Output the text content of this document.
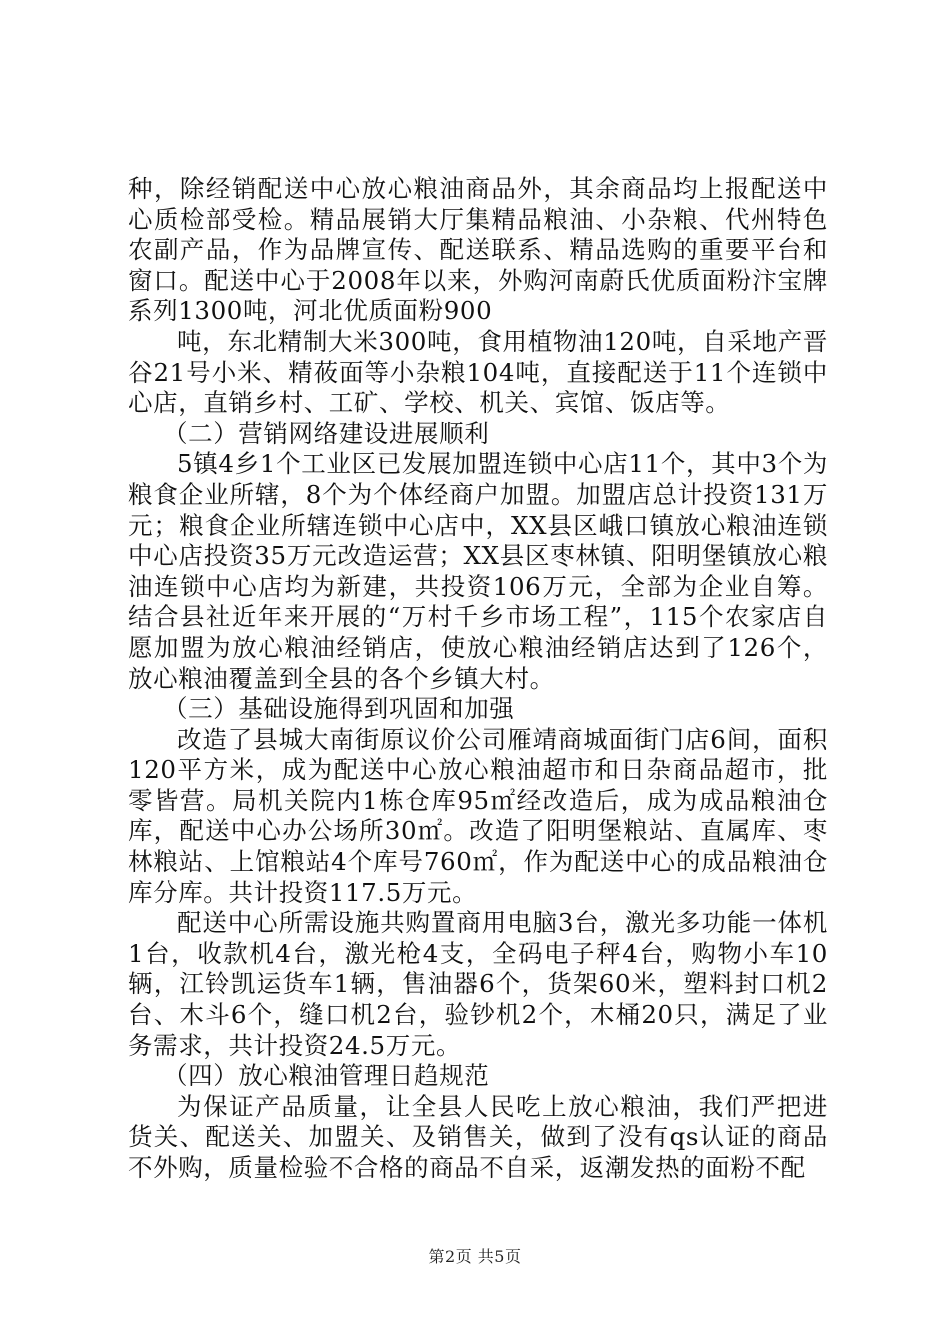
种，除经销配送中心放心粮油商品外，其余商品均上报配送中心质检部受检。精品展销大厅集精品粮油、小杂粮、代州特色农副产品，作为品牌宣传、配送联系、精品选购的重要平台和窗口。配送中心于2008年以来，外购河南蔚氏优质面粉汴宝牌系列1300吨，河北优质面粉900

吨，东北精制大米300吨，食用植物油120吨，自采地产晋谷21号小米、精莜面等小杂粮104吨，直接配送于11个连锁中心店，直销乡村、工矿、学校、机关、宾馆、饭店等。

（二）营销网络建设进展顺利

5镇4乡1个工业区已发展加盟连锁中心店11个，其中3个为粮食企业所辖，8个为个体经商户加盟。加盟店总计投资131万元；粮食企业所辖连锁中心店中，XX县区峨口镇放心粮油连锁中心店投资35万元改造运营；XX县区枣林镇、阳明堡镇放心粮油连锁中心店均为新建，共投资106万元，全部为企业自筹。结合县社近年来开展的“万村千乡市场工程”，115个农家店自愿加盟为放心粮油经销店，使放心粮油经销店达到了126个，放心粮油覆盖到全县的各个乡镇大村。

（三）基础设施得到巩固和加强

改造了县城大南街原议价公司雁靖商城面街门店6间，面积120平方米，成为配送中心放心粮油超市和日杂商品超市，批零皆营。局机关院内1栋仓库95㎡经改造后，成为成品粮油仓库，配送中心办公场所30㎡。改造了阳明堡粮站、直属库、枣林粮站、上馆粮站4个库号760㎡，作为配送中心的成品粮油仓库分库。共计投资117.5万元。

配送中心所需设施共购置商用电脑3台，激光多功能一体机1台，收款机4台，激光枪4支，全码电子秤4台，购物小车10辆，江铃凯运货车1辆，售油器6个，货架60米，塑料封口机2台、木斗6个，缝口机2台，验钞机2个，木桶20只，满足了业务需求，共计投资24.5万元。

（四）放心粮油管理日趋规范

为保证产品质量，让全县人民吃上放心粮油，我们严把进货关、配送关、加盟关、及销售关，做到了没有qs认证的商品不外购，质量检验不合格的商品不自采，返潮发热的面粉不配

第2页 共5页
